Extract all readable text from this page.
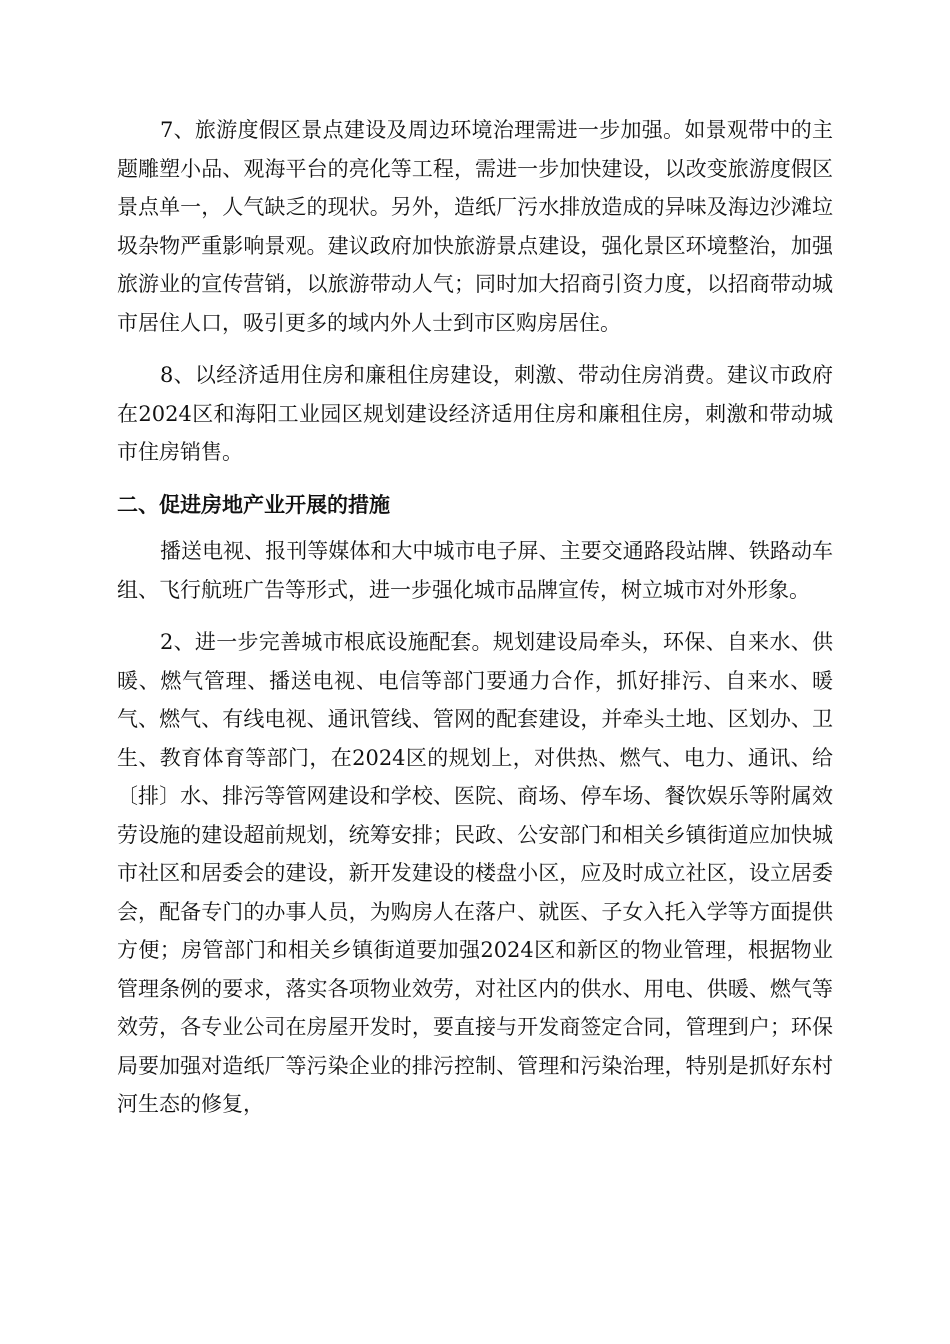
7、旅游度假区景点建设及周边环境治理需进一步加强。如景观带中的主题雕塑小品、观海平台的亮化等工程，需进一步加快建设，以改变旅游度假区景点单一，人气缺乏的现状。另外，造纸厂污水排放造成的异味及海边沙滩垃圾杂物严重影响景观。建议政府加快旅游景点建设，强化景区环境整治，加强旅游业的宣传营销，以旅游带动人气；同时加大招商引资力度，以招商带动城市居住人口，吸引更多的域内外人士到市区购房居住。

8、以经济适用住房和廉租住房建设，刺激、带动住房消费。建议市政府在2024区和海阳工业园区规划建设经济适用住房和廉租住房，刺激和带动城市住房销售。

二、促进房地产业开展的措施

播送电视、报刊等媒体和大中城市电子屏、主要交通路段站牌、铁路动车组、飞行航班广告等形式，进一步强化城市品牌宣传，树立城市对外形象。

2、进一步完善城市根底设施配套。规划建设局牵头，环保、自来水、供暖、燃气管理、播送电视、电信等部门要通力合作，抓好排污、自来水、暖气、燃气、有线电视、通讯管线、管网的配套建设，并牵头土地、区划办、卫生、教育体育等部门，在2024区的规划上，对供热、燃气、电力、通讯、给〔排〕水、排污等管网建设和学校、医院、商场、停车场、餐饮娱乐等附属效劳设施的建设超前规划，统筹安排；民政、公安部门和相关乡镇街道应加快城市社区和居委会的建设，新开发建设的楼盘小区，应及时成立社区，设立居委会，配备专门的办事人员，为购房人在落户、就医、子女入托入学等方面提供方便；房管部门和相关乡镇街道要加强2024区和新区的物业管理，根据物业管理条例的要求，落实各项物业效劳，对社区内的供水、用电、供暖、燃气等效劳，各专业公司在房屋开发时，要直接与开发商签定合同，管理到户；环保局要加强对造纸厂等污染企业的排污控制、管理和污染治理，特别是抓好东村河生态的修复，
